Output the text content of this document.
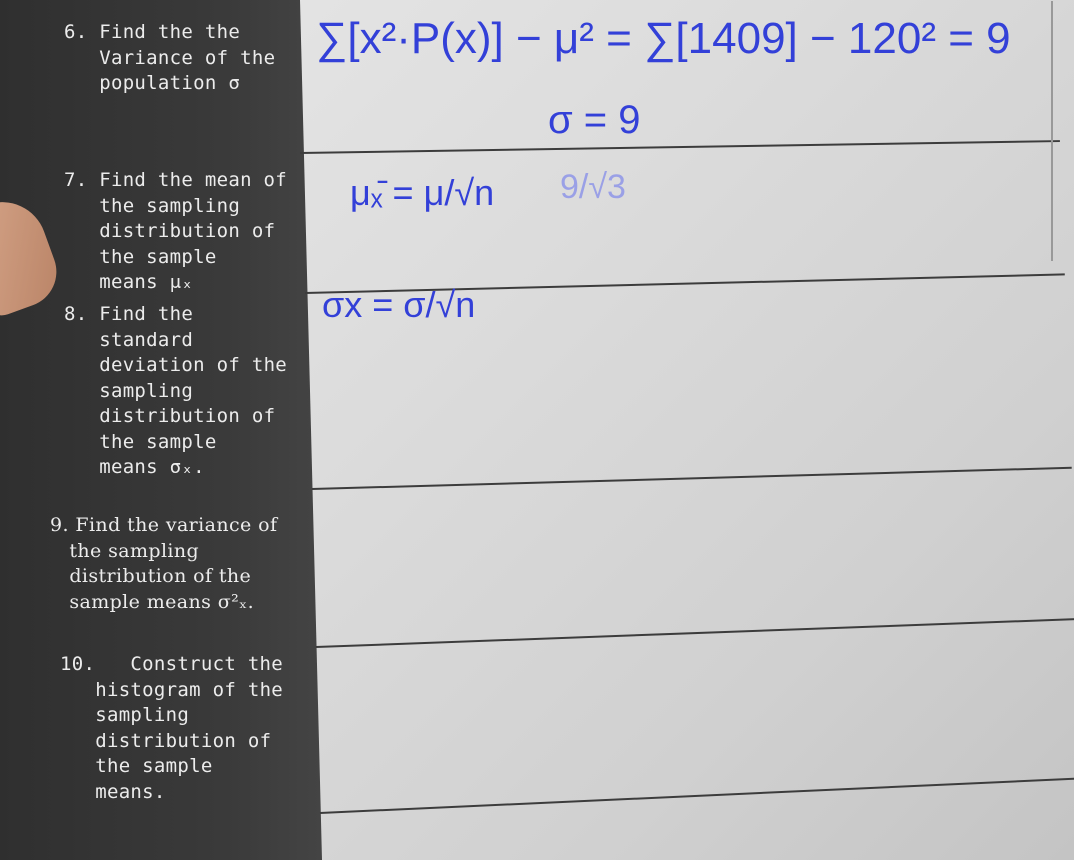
6. Find the the
Variance of the
population σ
7. Find the mean of
the sampling
distribution of
the sample
means μₓ
8. Find the
standard
deviation of the
sampling
distribution of
the sample
means σₓ.
9. Find the variance of
the sampling
distribution of the
sample means σ²ₓ.
10.   Construct the
histogram of the
sampling
distribution of
the sample
means.
∑[x²·P(x)] − μ² = ∑[1409] − 120² = 9
σ = 9
μₓ̄ = μ/√n 9/√3
σx = σ/√n
